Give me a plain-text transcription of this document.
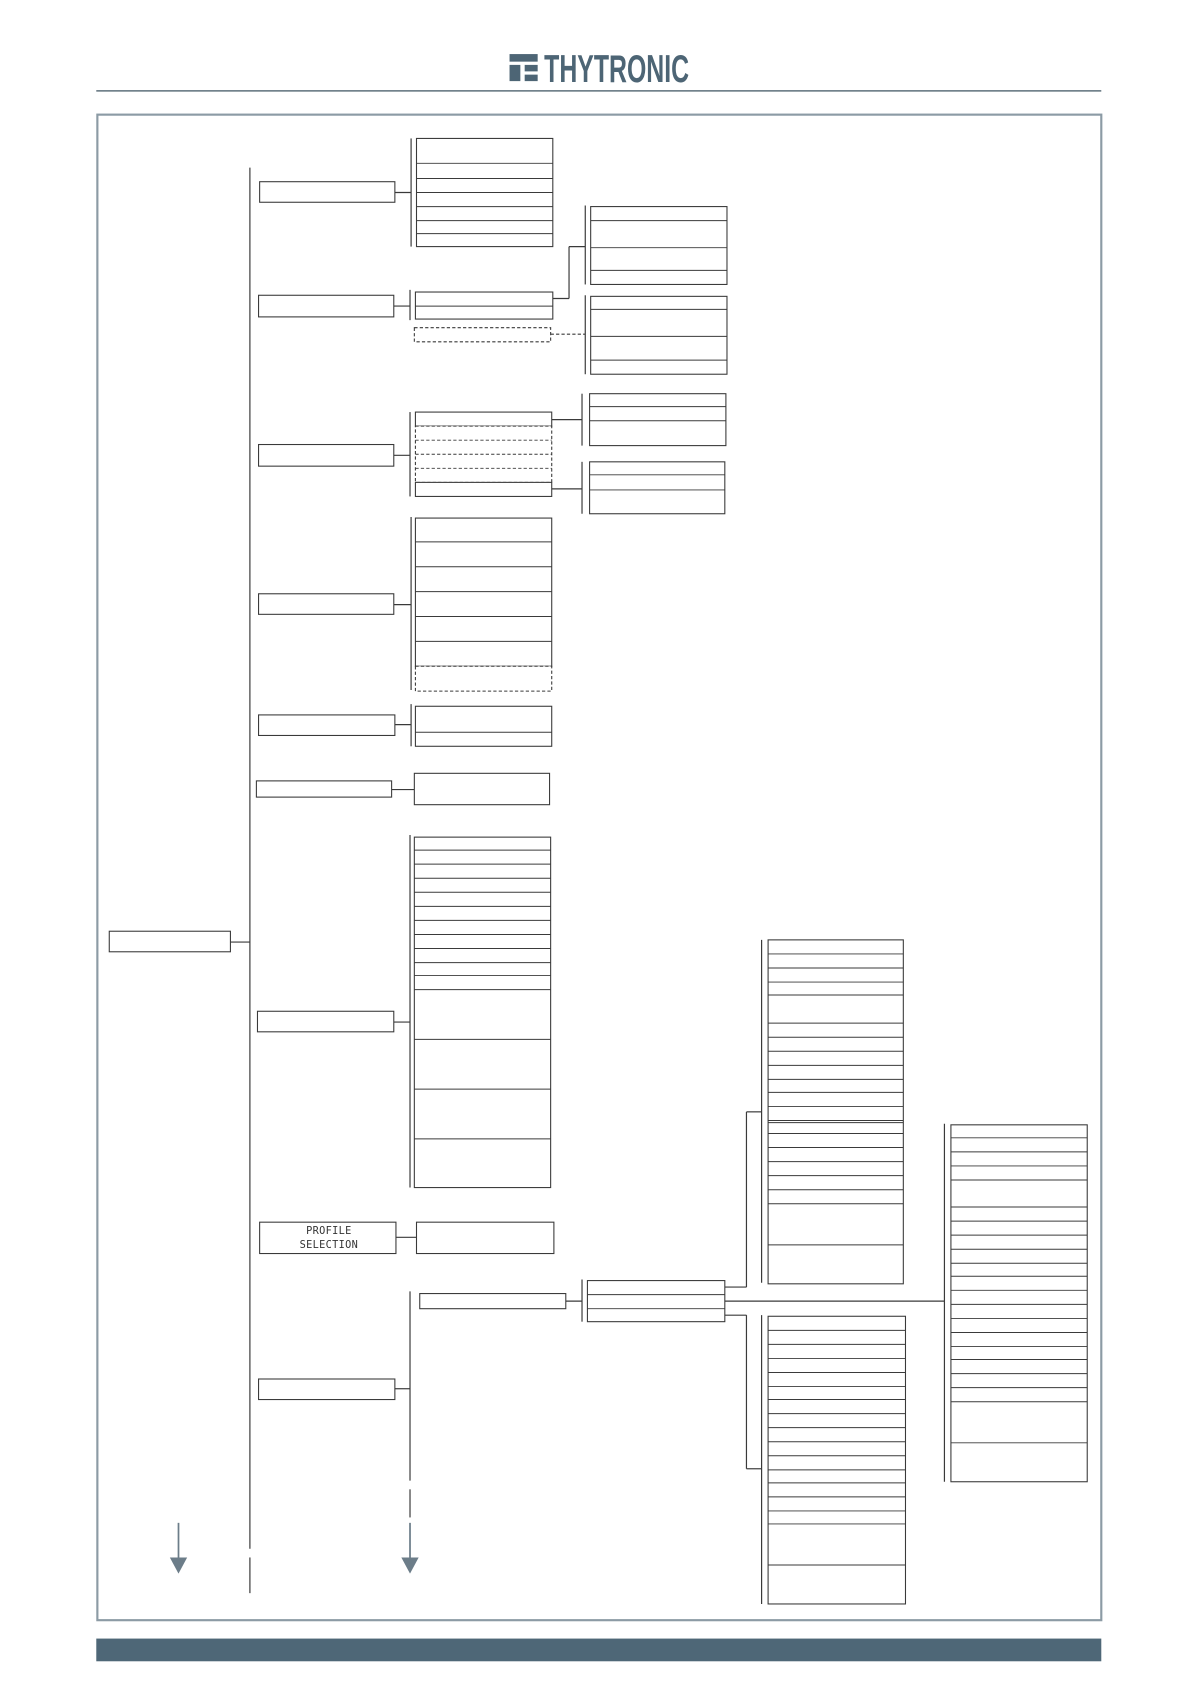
THYTRONIC
PROFILE
SELECTION
